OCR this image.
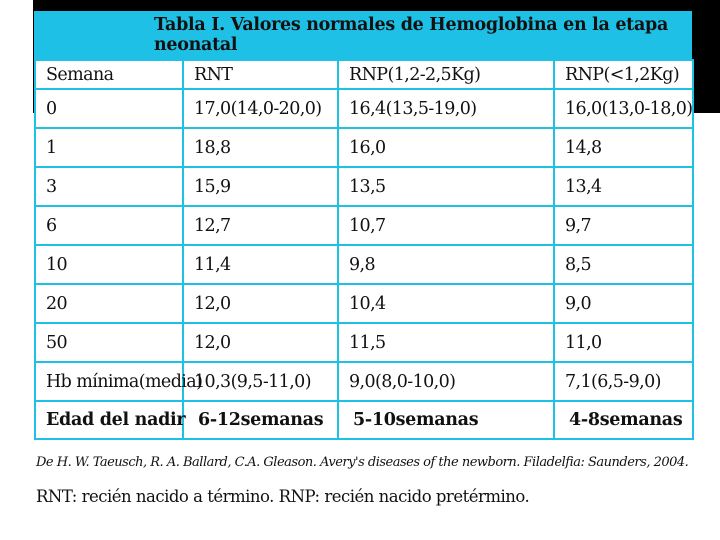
Tabla I. Valores normales de Hemoglobina en la etapa neonatal
Semana	RNT	RNP(1,2-2,5Kg)	RNP(<1,2Kg)
0	17,0(14,0-20,0)	16,4(13,5-19,0)	16,0(13,0-18,0)
1	18,8	16,0	14,8
3	15,9	13,5	13,4
6	12,7	10,7	9,7
10	11,4	9,8	8,5
20	12,0	10,4	9,0
50	12,0	11,5	11,0
Hb mínima(media)	10,3(9,5-11,0)	9,0(8,0-10,0)	7,1(6,5-9,0)
Edad del nadir	6-12semanas	5-10semanas	4-8semanas
De H. W. Taeusch, R. A. Ballard, C.A. Gleason. Avery's diseases of the newborn. Filadelfia: Saunders, 2004.
RNT: recién nacido a término. RNP: recién nacido pretérmino.
